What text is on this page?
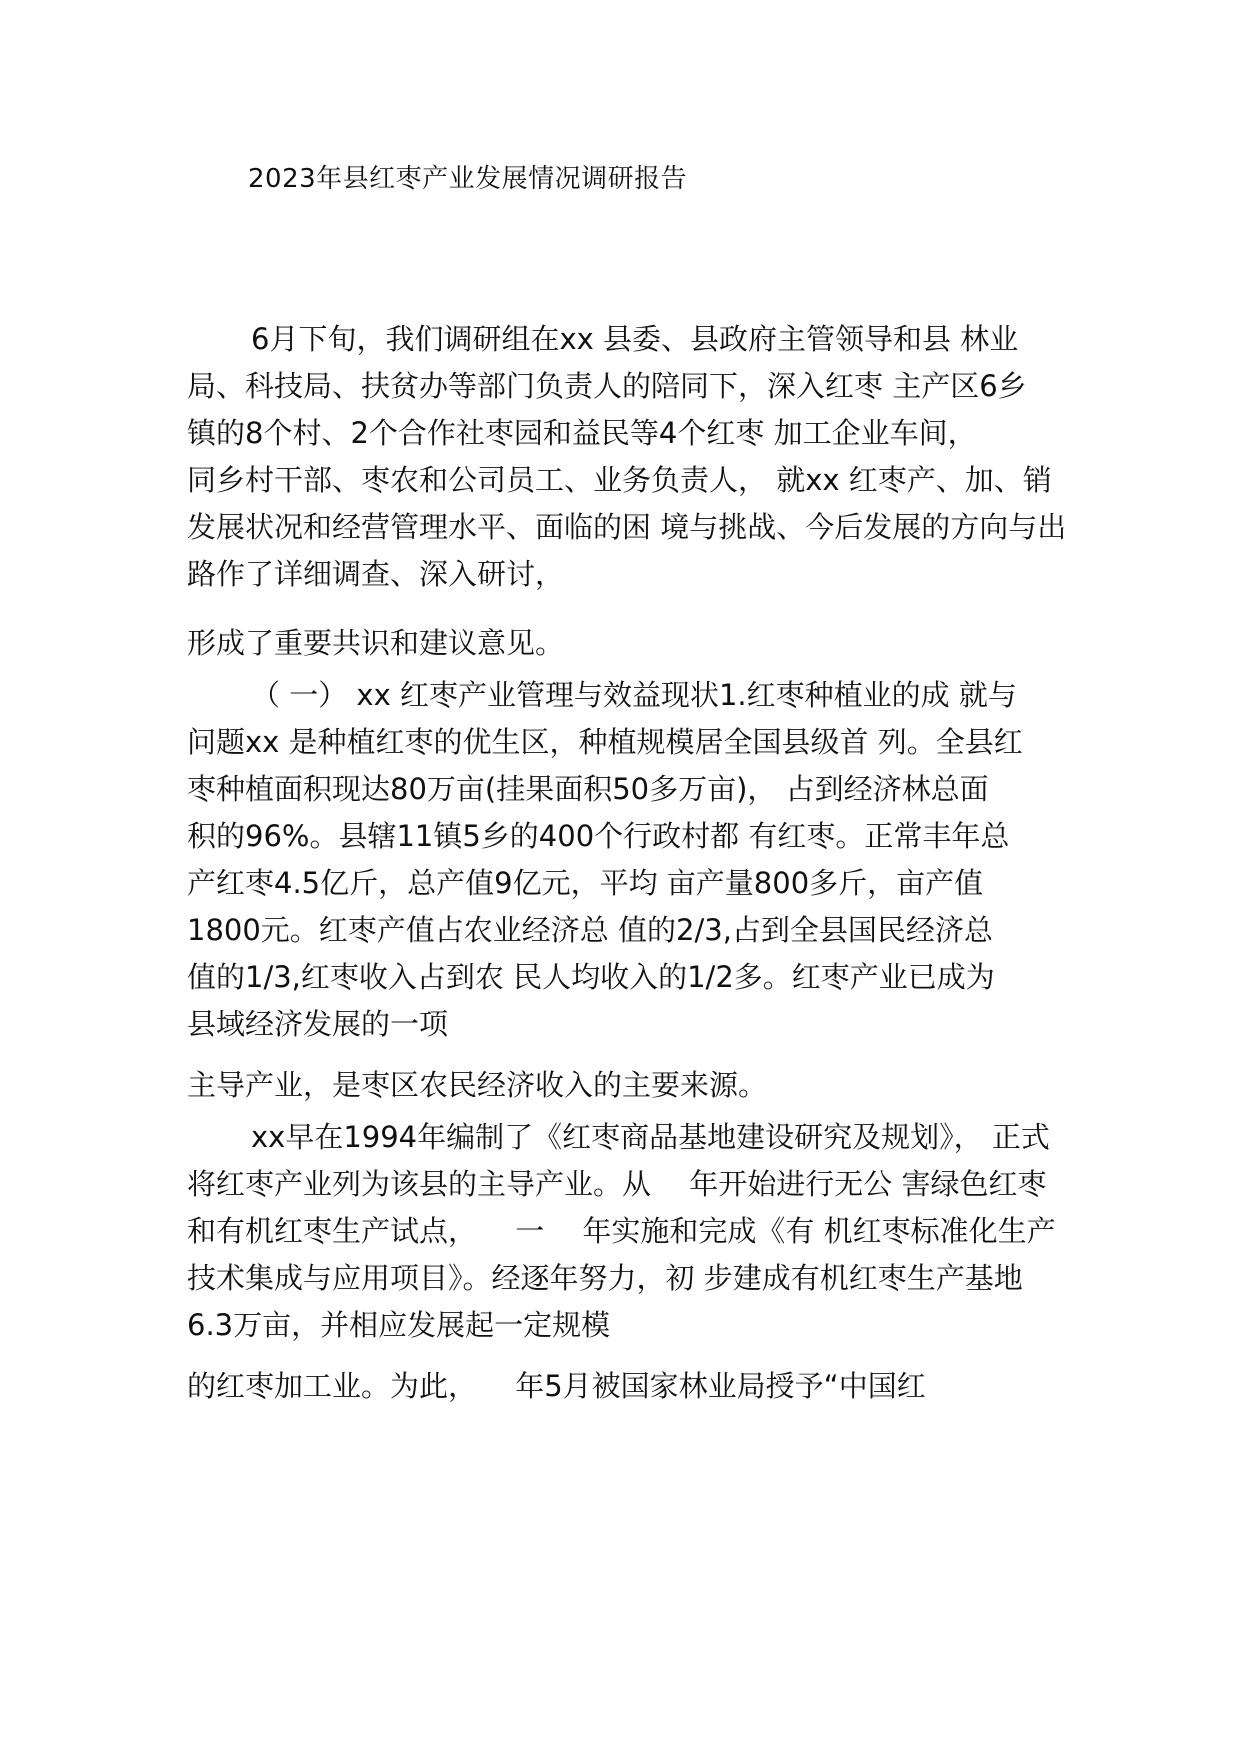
2023年县红枣产业发展情况调研报告
6月下旬，我们调研组在xx 县委、县政府主管领导和县 林业
局、科技局、扶贫办等部门负责人的陪同下，深入红枣 主产区6乡
镇的8个村、2个合作社枣园和益民等4个红枣 加工企业车间，
同乡村干部、枣农和公司员工、业务负责人， 就xx 红枣产、加、销
发展状况和经营管理水平、面临的困 境与挑战、今后发展的方向与出
路作了详细调查、深入研讨，
形成了重要共识和建议意见。
（ 一） xx 红枣产业管理与效益现状1.红枣种植业的成 就与
问题xx 是种植红枣的优生区，种植规模居全国县级首 列。全县红
枣种植面积现达80万亩(挂果面积50多万亩)， 占到经济林总面
积的96%。县辖11镇5乡的400个行政村都 有红枣。正常丰年总
产红枣4.5亿斤，总产值9亿元，平均 亩产量800多斤，亩产值
1800元。红枣产值占农业经济总 值的2/3,占到全县国民经济总
值的1/3,红枣收入占到农 民人均收入的1/2多。红枣产业已成为
县域经济发展的一项
主导产业，是枣区农民经济收入的主要来源。
xx早在1994年编制了《红枣商品基地建设研究及规划》， 正式
将红枣产业列为该县的主导产业。从 　年开始进行无公 害绿色红枣
和有机红枣生产试点， 　一 　年实施和完成《有 机红枣标准化生产
技术集成与应用项目》。经逐年努力，初 步建成有机红枣生产基地
6.3万亩，并相应发展起一定规模
的红枣加工业。为此， 　年5月被国家林业局授予“中国红
